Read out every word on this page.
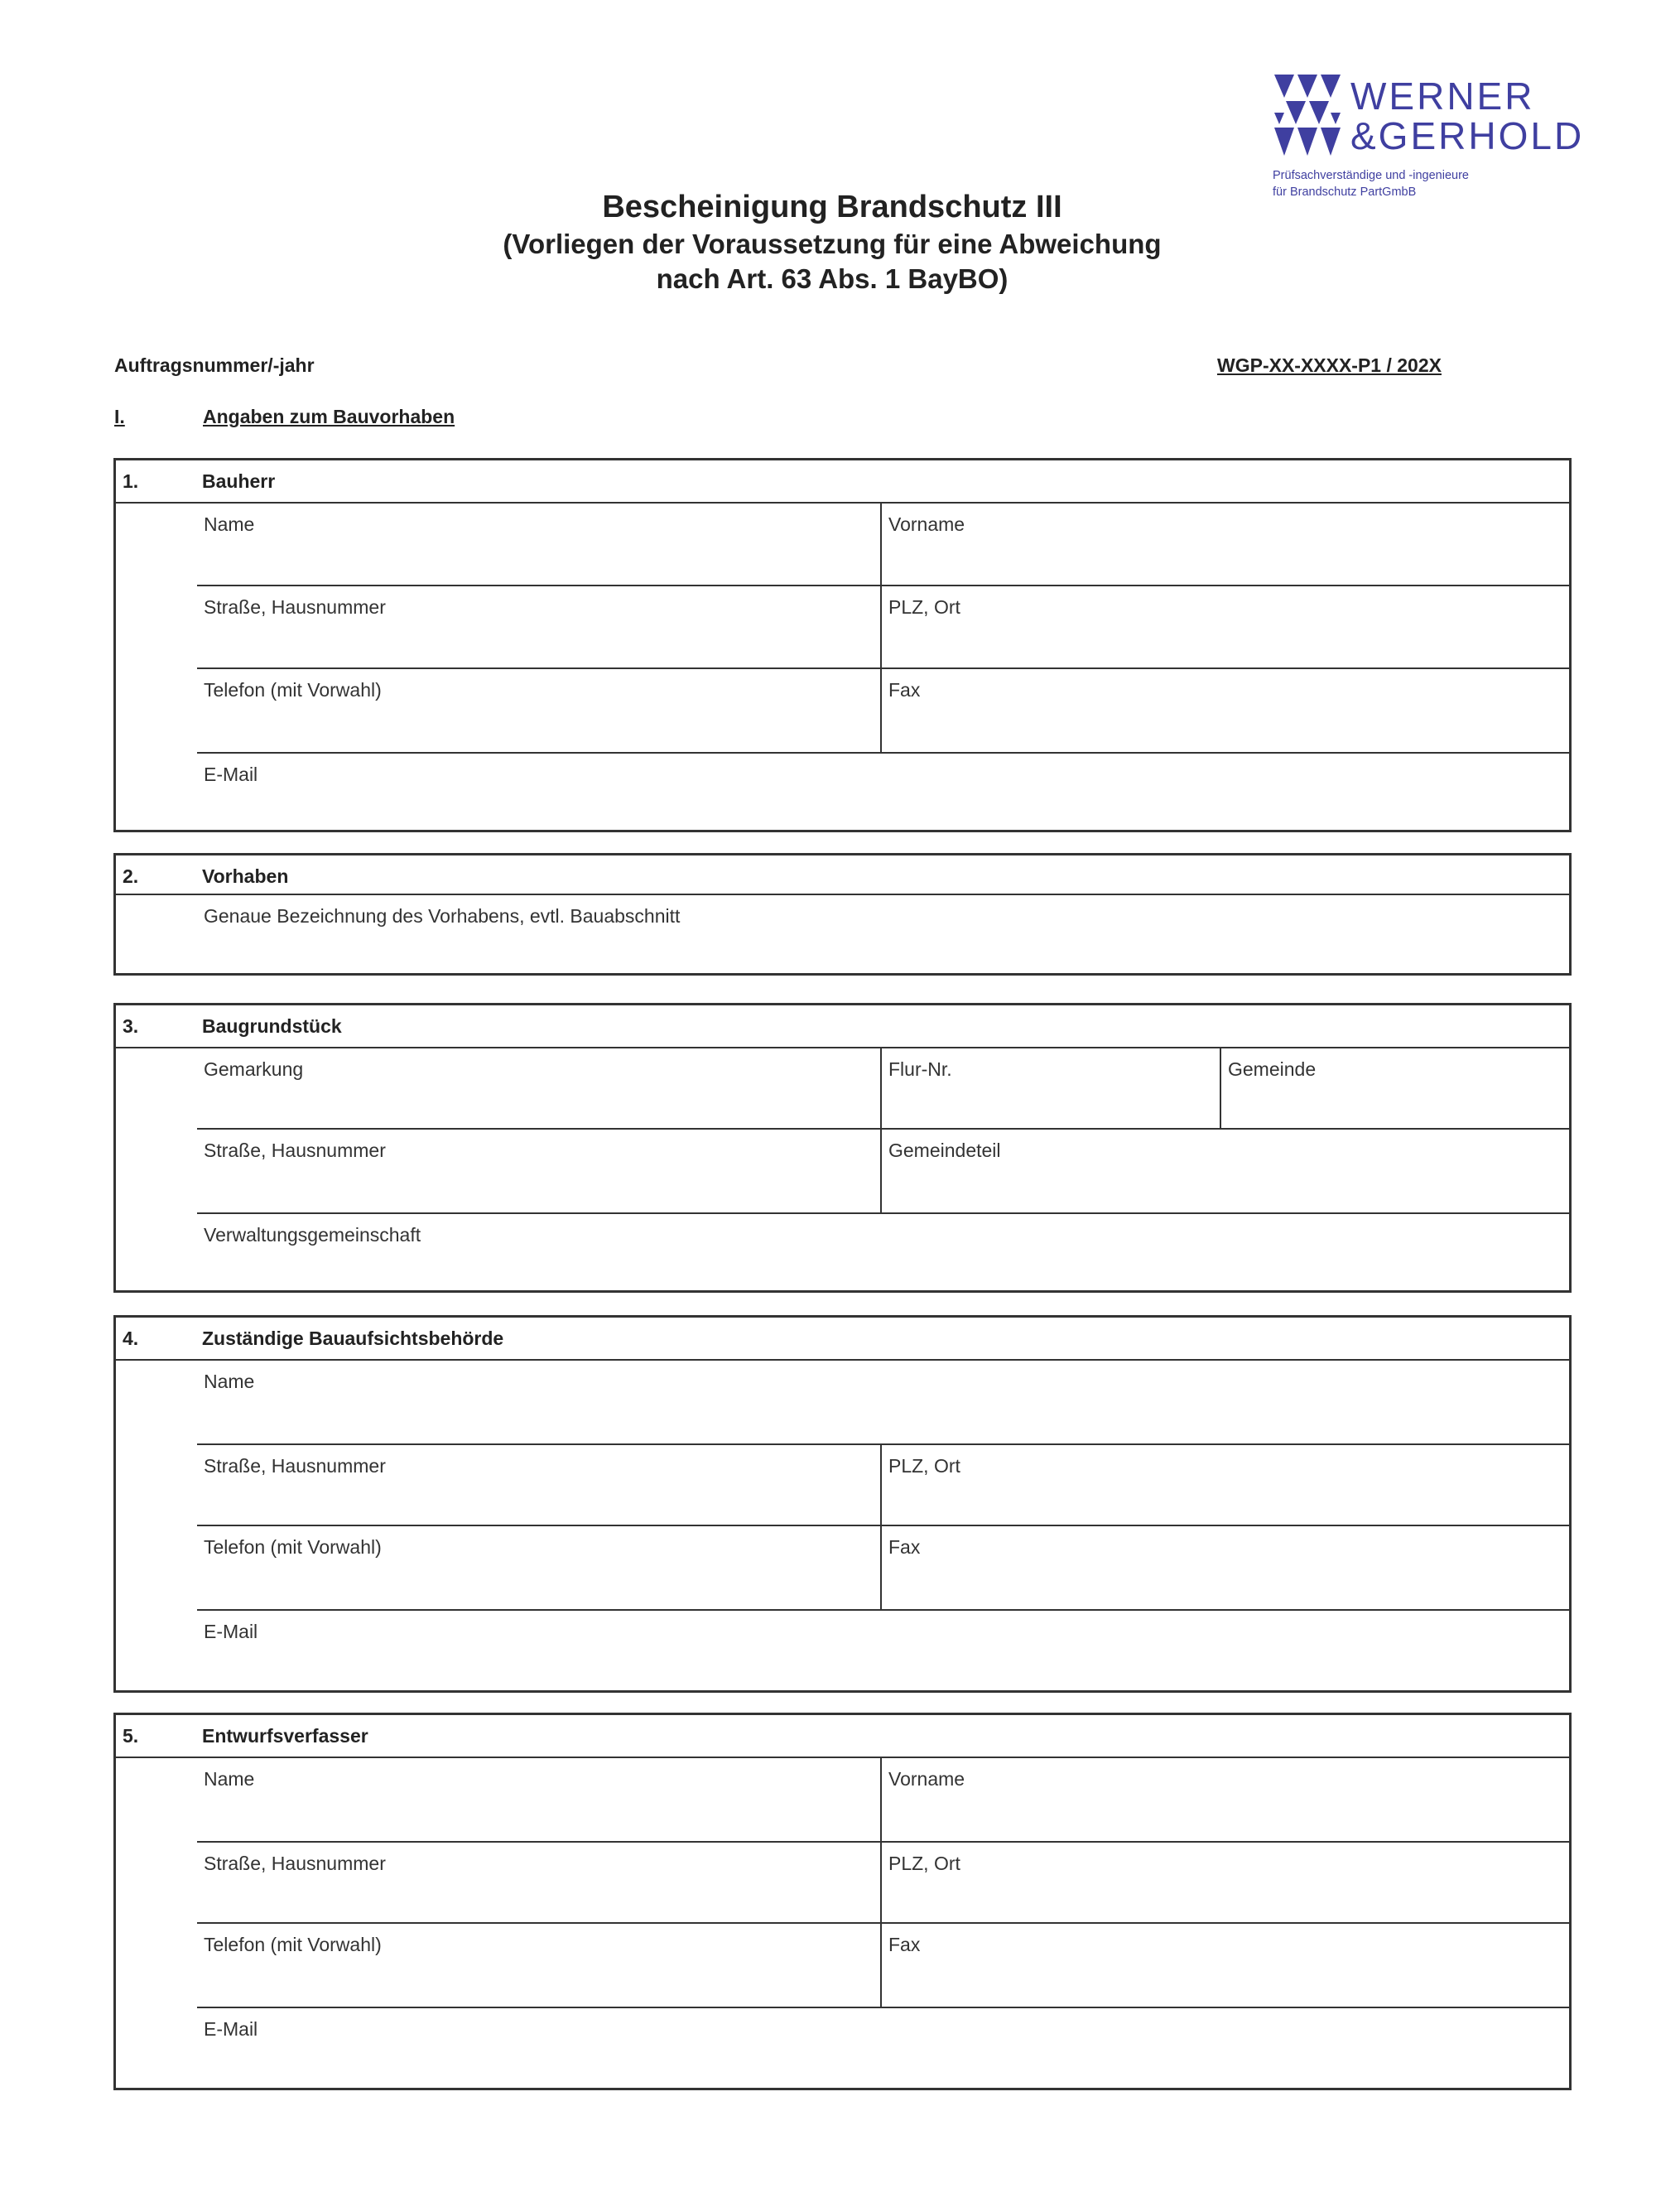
WERNER
&GERHOLD
Prüfsachverständige und -ingenieure
für Brandschutz PartGmbB
Bescheinigung Brandschutz III
(Vorliegen der Voraussetzung für eine Abweichung
nach Art. 63 Abs. 1 BayBO)
Auftragsnummer/-jahr	WGP-XX-XXXX-P1 / 202X
I.	Angaben zum Bauvorhaben
1.	Bauherr
Name	Vorname
Straße, Hausnummer	PLZ, Ort
Telefon (mit Vorwahl)	Fax
E-Mail
2.	Vorhaben
Genaue Bezeichnung des Vorhabens, evtl. Bauabschnitt
3.	Baugrundstück
Gemarkung	Flur-Nr.	Gemeinde
Straße, Hausnummer	Gemeindeteil
Verwaltungsgemeinschaft
4.	Zuständige Bauaufsichtsbehörde
Name
Straße, Hausnummer	PLZ, Ort
Telefon (mit Vorwahl)	Fax
E-Mail
5.	Entwurfsverfasser
Name	Vorname
Straße, Hausnummer	PLZ, Ort
Telefon (mit Vorwahl)	Fax
E-Mail
